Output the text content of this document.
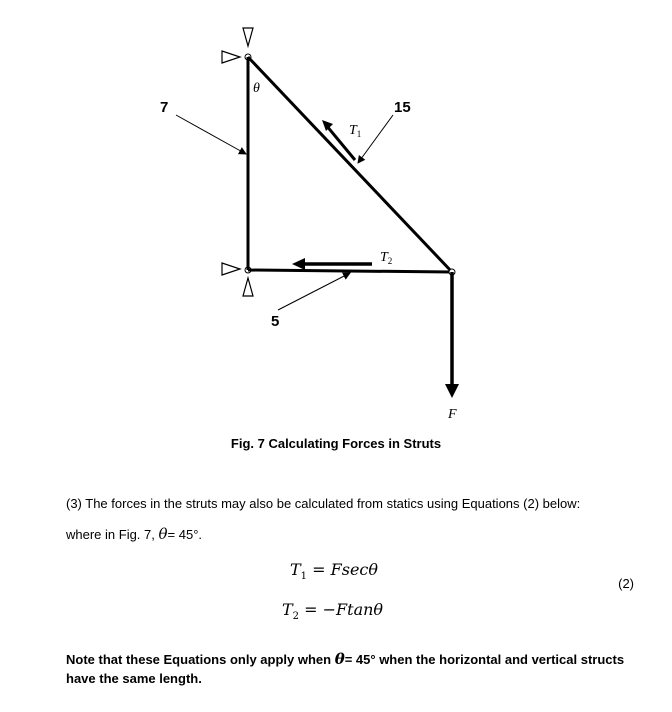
θ
7	15
5
$T_1$
$T_2$
F
Fig. 7 Calculating Forces in Struts
(3) The forces in the struts may also be calculated from statics using Equations (2) below:
where in Fig. 7, θ= 45°.
$T_1 = Fsec\theta$
$T_2 = -Ftan\theta$
(2)
Note that these Equations only apply when θ= 45° when the horizontal and vertical structs have the same length.
